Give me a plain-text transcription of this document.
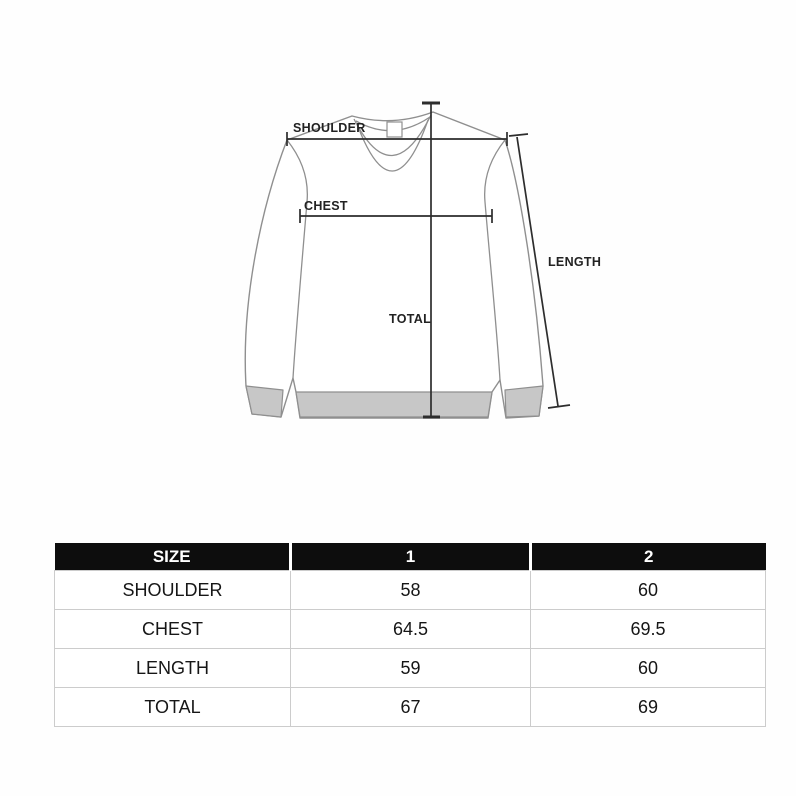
SHOULDER
CHEST
TOTAL
LENGTH
SIZE	1	2
SHOULDER	58	60
CHEST	64.5	69.5
LENGTH	59	60
TOTAL	67	69
